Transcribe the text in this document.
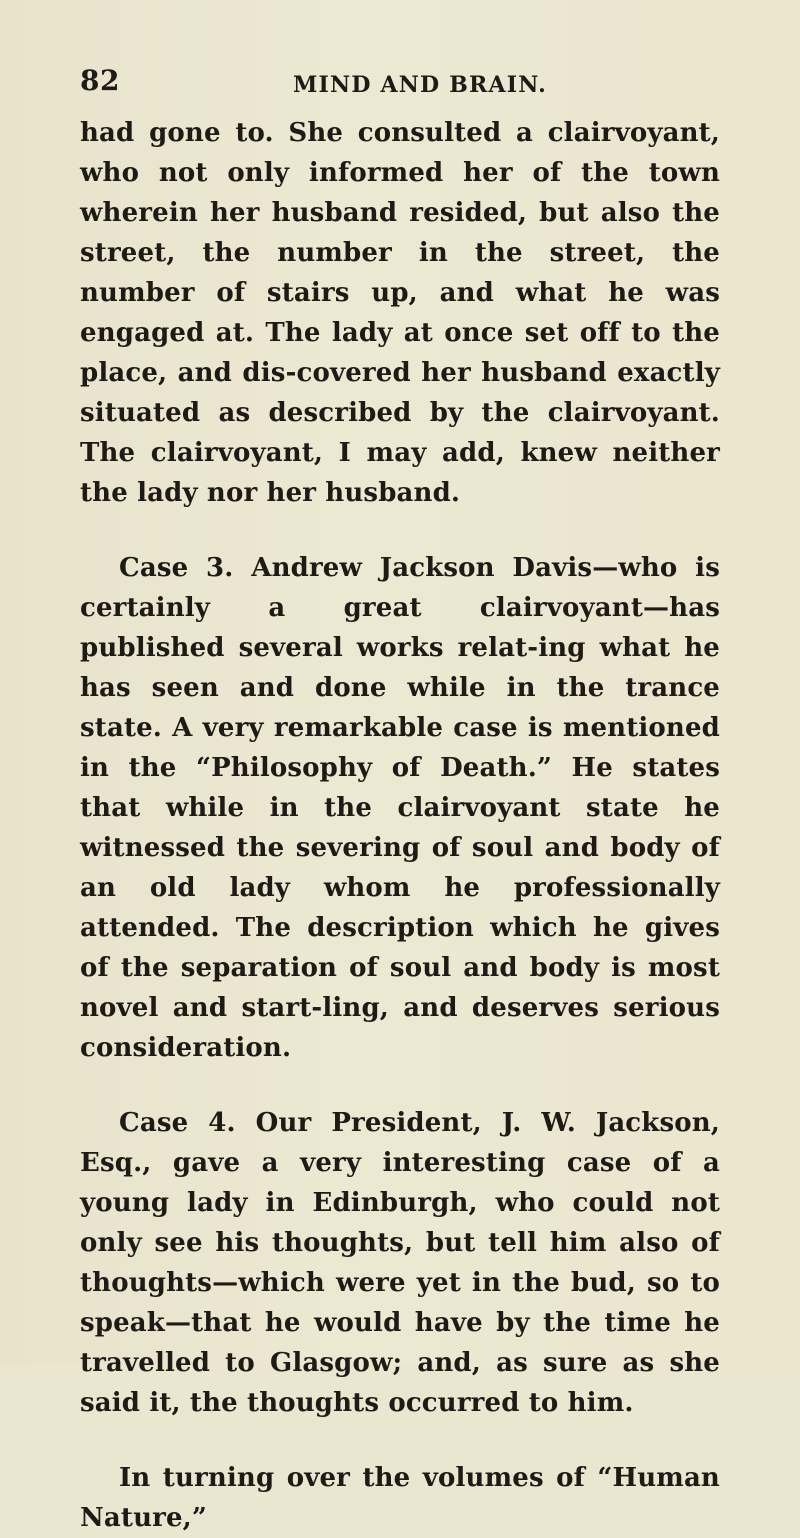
82	MIND AND BRAIN.

had gone to. She consulted a clairvoyant, who not only informed her of the town wherein her husband resided, but also the street, the number in the street, the number of stairs up, and what he was engaged at. The lady at once set off to the place, and dis-covered her husband exactly situated as described by the clairvoyant. The clairvoyant, I may add, knew neither the lady nor her husband.

Case 3. Andrew Jackson Davis—who is certainly a great clairvoyant—has published several works relat-ing what he has seen and done while in the trance state. A very remarkable case is mentioned in the “Philosophy of Death.” He states that while in the clairvoyant state he witnessed the severing of soul and body of an old lady whom he professionally attended. The description which he gives of the separation of soul and body is most novel and start-ling, and deserves serious consideration.

Case 4. Our President, J. W. Jackson, Esq., gave a very interesting case of a young lady in Edinburgh, who could not only see his thoughts, but tell him also of thoughts—which were yet in the bud, so to speak—that he would have by the time he travelled to Glasgow; and, as sure as she said it, the thoughts occurred to him.

In turning over the volumes of “Human Nature,”
